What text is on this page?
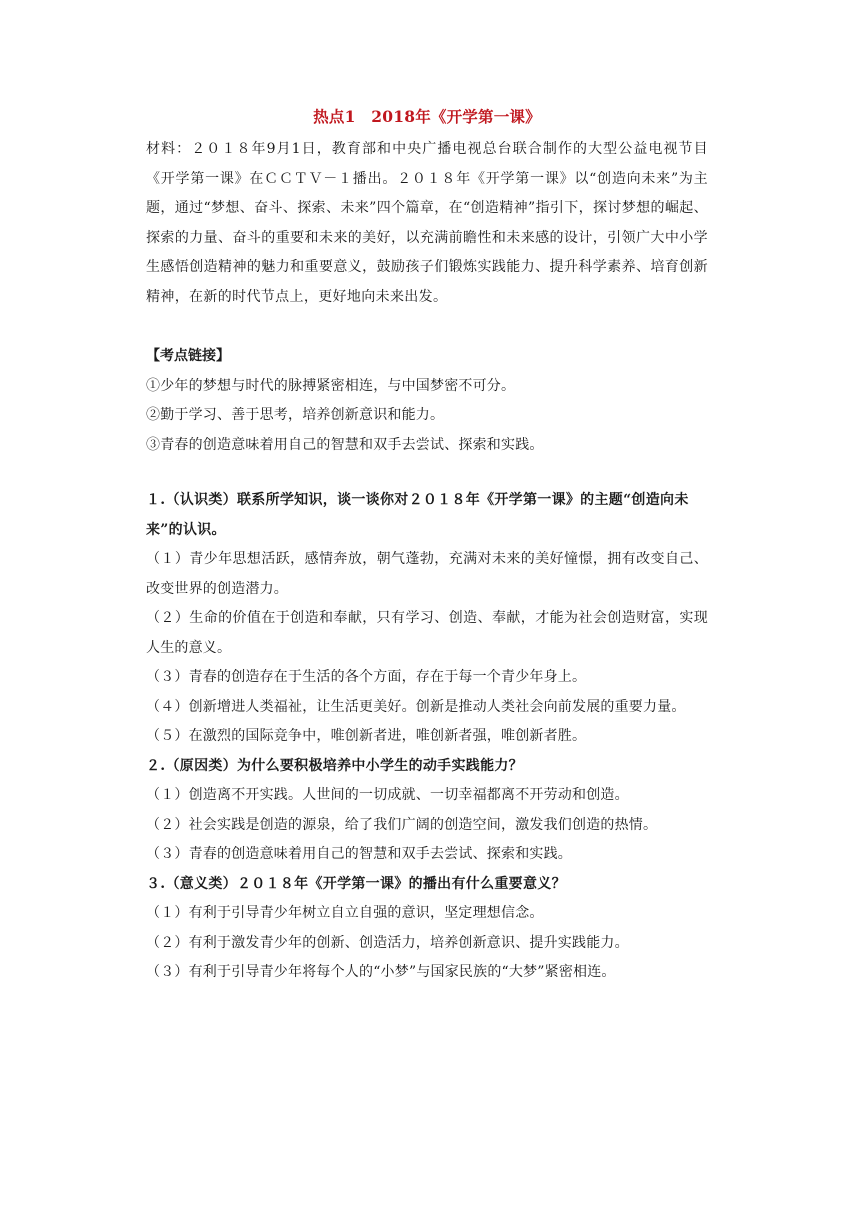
热点1　2018年《开学第一课》

材料：２０１８年9月1日，教育部和中央广播电视总台联合制作的大型公益电视节目《开学第一课》在ＣＣＴＶ－１播出。２０１８年《开学第一课》以“创造向未来”为主题，通过“梦想、奋斗、探索、未来”四个篇章，在“创造精神”指引下，探讨梦想的崛起、探索的力量、奋斗的重要和未来的美好，以充满前瞻性和未来感的设计，引领广大中小学生感悟创造精神的魅力和重要意义，鼓励孩子们锻炼实践能力、提升科学素养、培育创新精神，在新的时代节点上，更好地向未来出发。

【考点链接】

①少年的梦想与时代的脉搏紧密相连，与中国梦密不可分。

②勤于学习、善于思考，培养创新意识和能力。

③青春的创造意味着用自己的智慧和双手去尝试、探索和实践。

１.（认识类）联系所学知识，谈一谈你对２０１８年《开学第一课》的主题“创造向未来”的认识。

（１）青少年思想活跃，感情奔放，朝气蓬勃，充满对未来的美好憧憬，拥有改变自己、改变世界的创造潜力。

（２）生命的价值在于创造和奉献，只有学习、创造、奉献，才能为社会创造财富，实现人生的意义。

（３）青春的创造存在于生活的各个方面，存在于每一个青少年身上。

（４）创新增进人类福祉，让生活更美好。创新是推动人类社会向前发展的重要力量。

（５）在激烈的国际竞争中，唯创新者进，唯创新者强，唯创新者胜。

２.（原因类）为什么要积极培养中小学生的动手实践能力？

（１）创造离不开实践。人世间的一切成就、一切幸福都离不开劳动和创造。

（２）社会实践是创造的源泉，给了我们广阔的创造空间，激发我们创造的热情。

（３）青春的创造意味着用自己的智慧和双手去尝试、探索和实践。

３.（意义类）２０１８年《开学第一课》的播出有什么重要意义？

（１）有利于引导青少年树立自立自强的意识，坚定理想信念。

（２）有利于激发青少年的创新、创造活力，培养创新意识、提升实践能力。

（３）有利于引导青少年将每个人的“小梦”与国家民族的“大梦”紧密相连。
